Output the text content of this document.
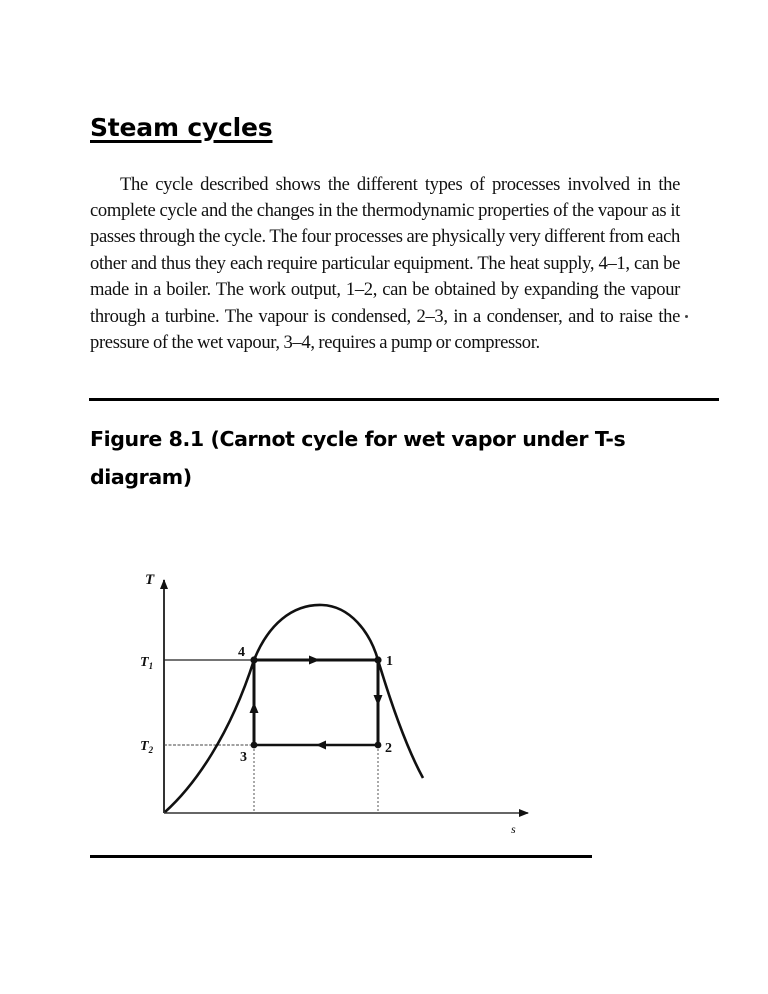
Steam cycles

The cycle described shows the different types of processes involved in the complete cycle and the changes in the thermodynamic properties of the vapour as it passes through the cycle. The four processes are physically very different from each other and thus they each require particular equipment. The heat supply, 4–1, can be made in a boiler. The work output, 1–2, can be obtained by expanding the vapour through a turbine. The vapour is condensed, 2–3, in a condenser, and to raise the pressure of the wet vapour, 3–4, requires a pump or compressor.

Figure 8.1 (Carnot cycle for wet vapor under T-s diagram)
T
s
$T_1$
$T_2$
4
1
2
3
